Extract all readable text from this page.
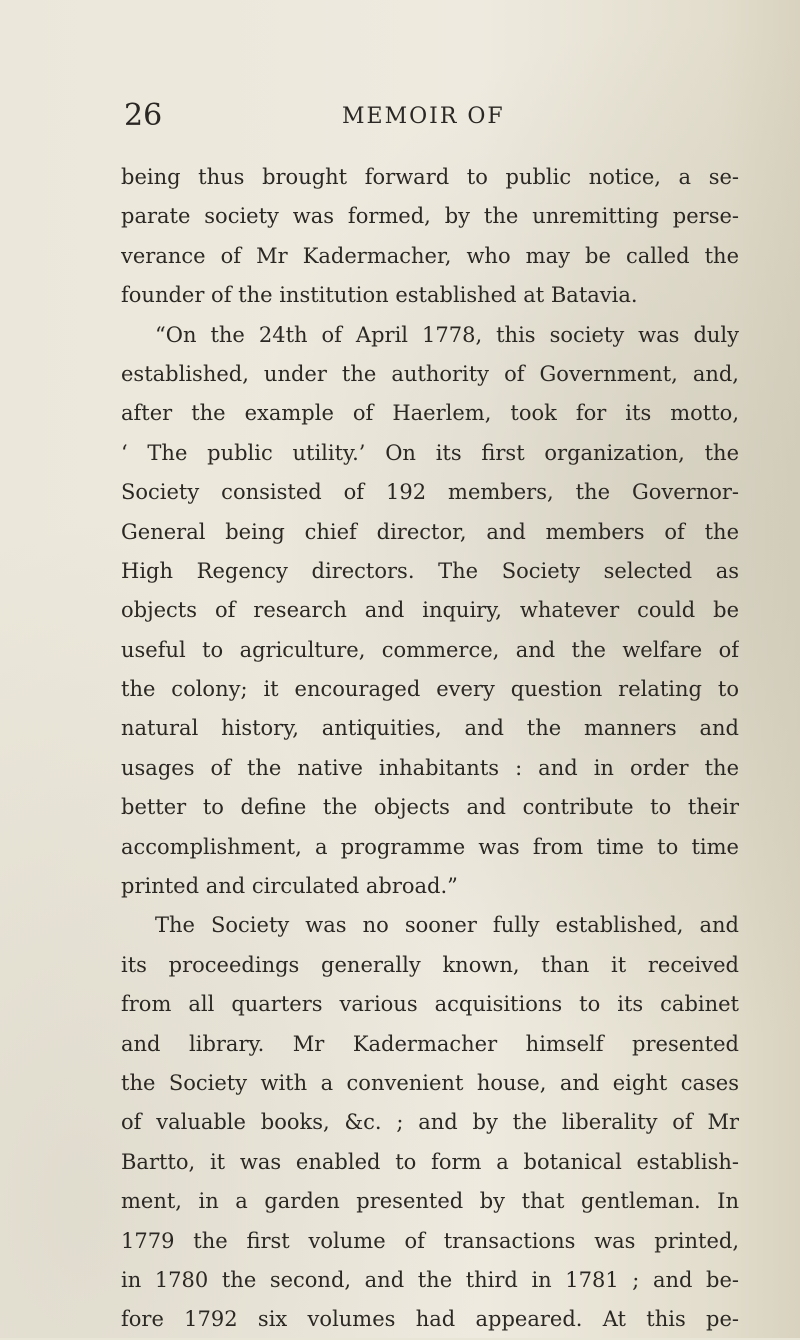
26	MEMOIR OF
being thus brought forward to public notice, a se-
parate society was formed, by the unremitting perse-
verance of Mr Kadermacher, who may be called the
founder of the institution established at Batavia.
“On the 24th of April 1778, this society was duly
established, under the authority of Government, and,
after the example of Haerlem, took for its motto,
‘ The public utility.’ On its first organization, the
Society consisted of 192 members, the Governor-
General being chief director, and members of the
High Regency directors. The Society selected as
objects of research and inquiry, whatever could be
useful to agriculture, commerce, and the welfare of
the colony; it encouraged every question relating to
natural history, antiquities, and the manners and
usages of the native inhabitants : and in order the
better to define the objects and contribute to their
accomplishment, a programme was from time to time
printed and circulated abroad.”
The Society was no sooner fully established, and
its proceedings generally known, than it received
from all quarters various acquisitions to its cabinet
and library. Mr Kadermacher himself presented
the Society with a convenient house, and eight cases
of valuable books, &c. ; and by the liberality of Mr
Bartto, it was enabled to form a botanical establish-
ment, in a garden presented by that gentleman. In
1779 the first volume of transactions was printed,
in 1780 the second, and the third in 1781 ; and be-
fore 1792 six volumes had appeared. At this pe-
